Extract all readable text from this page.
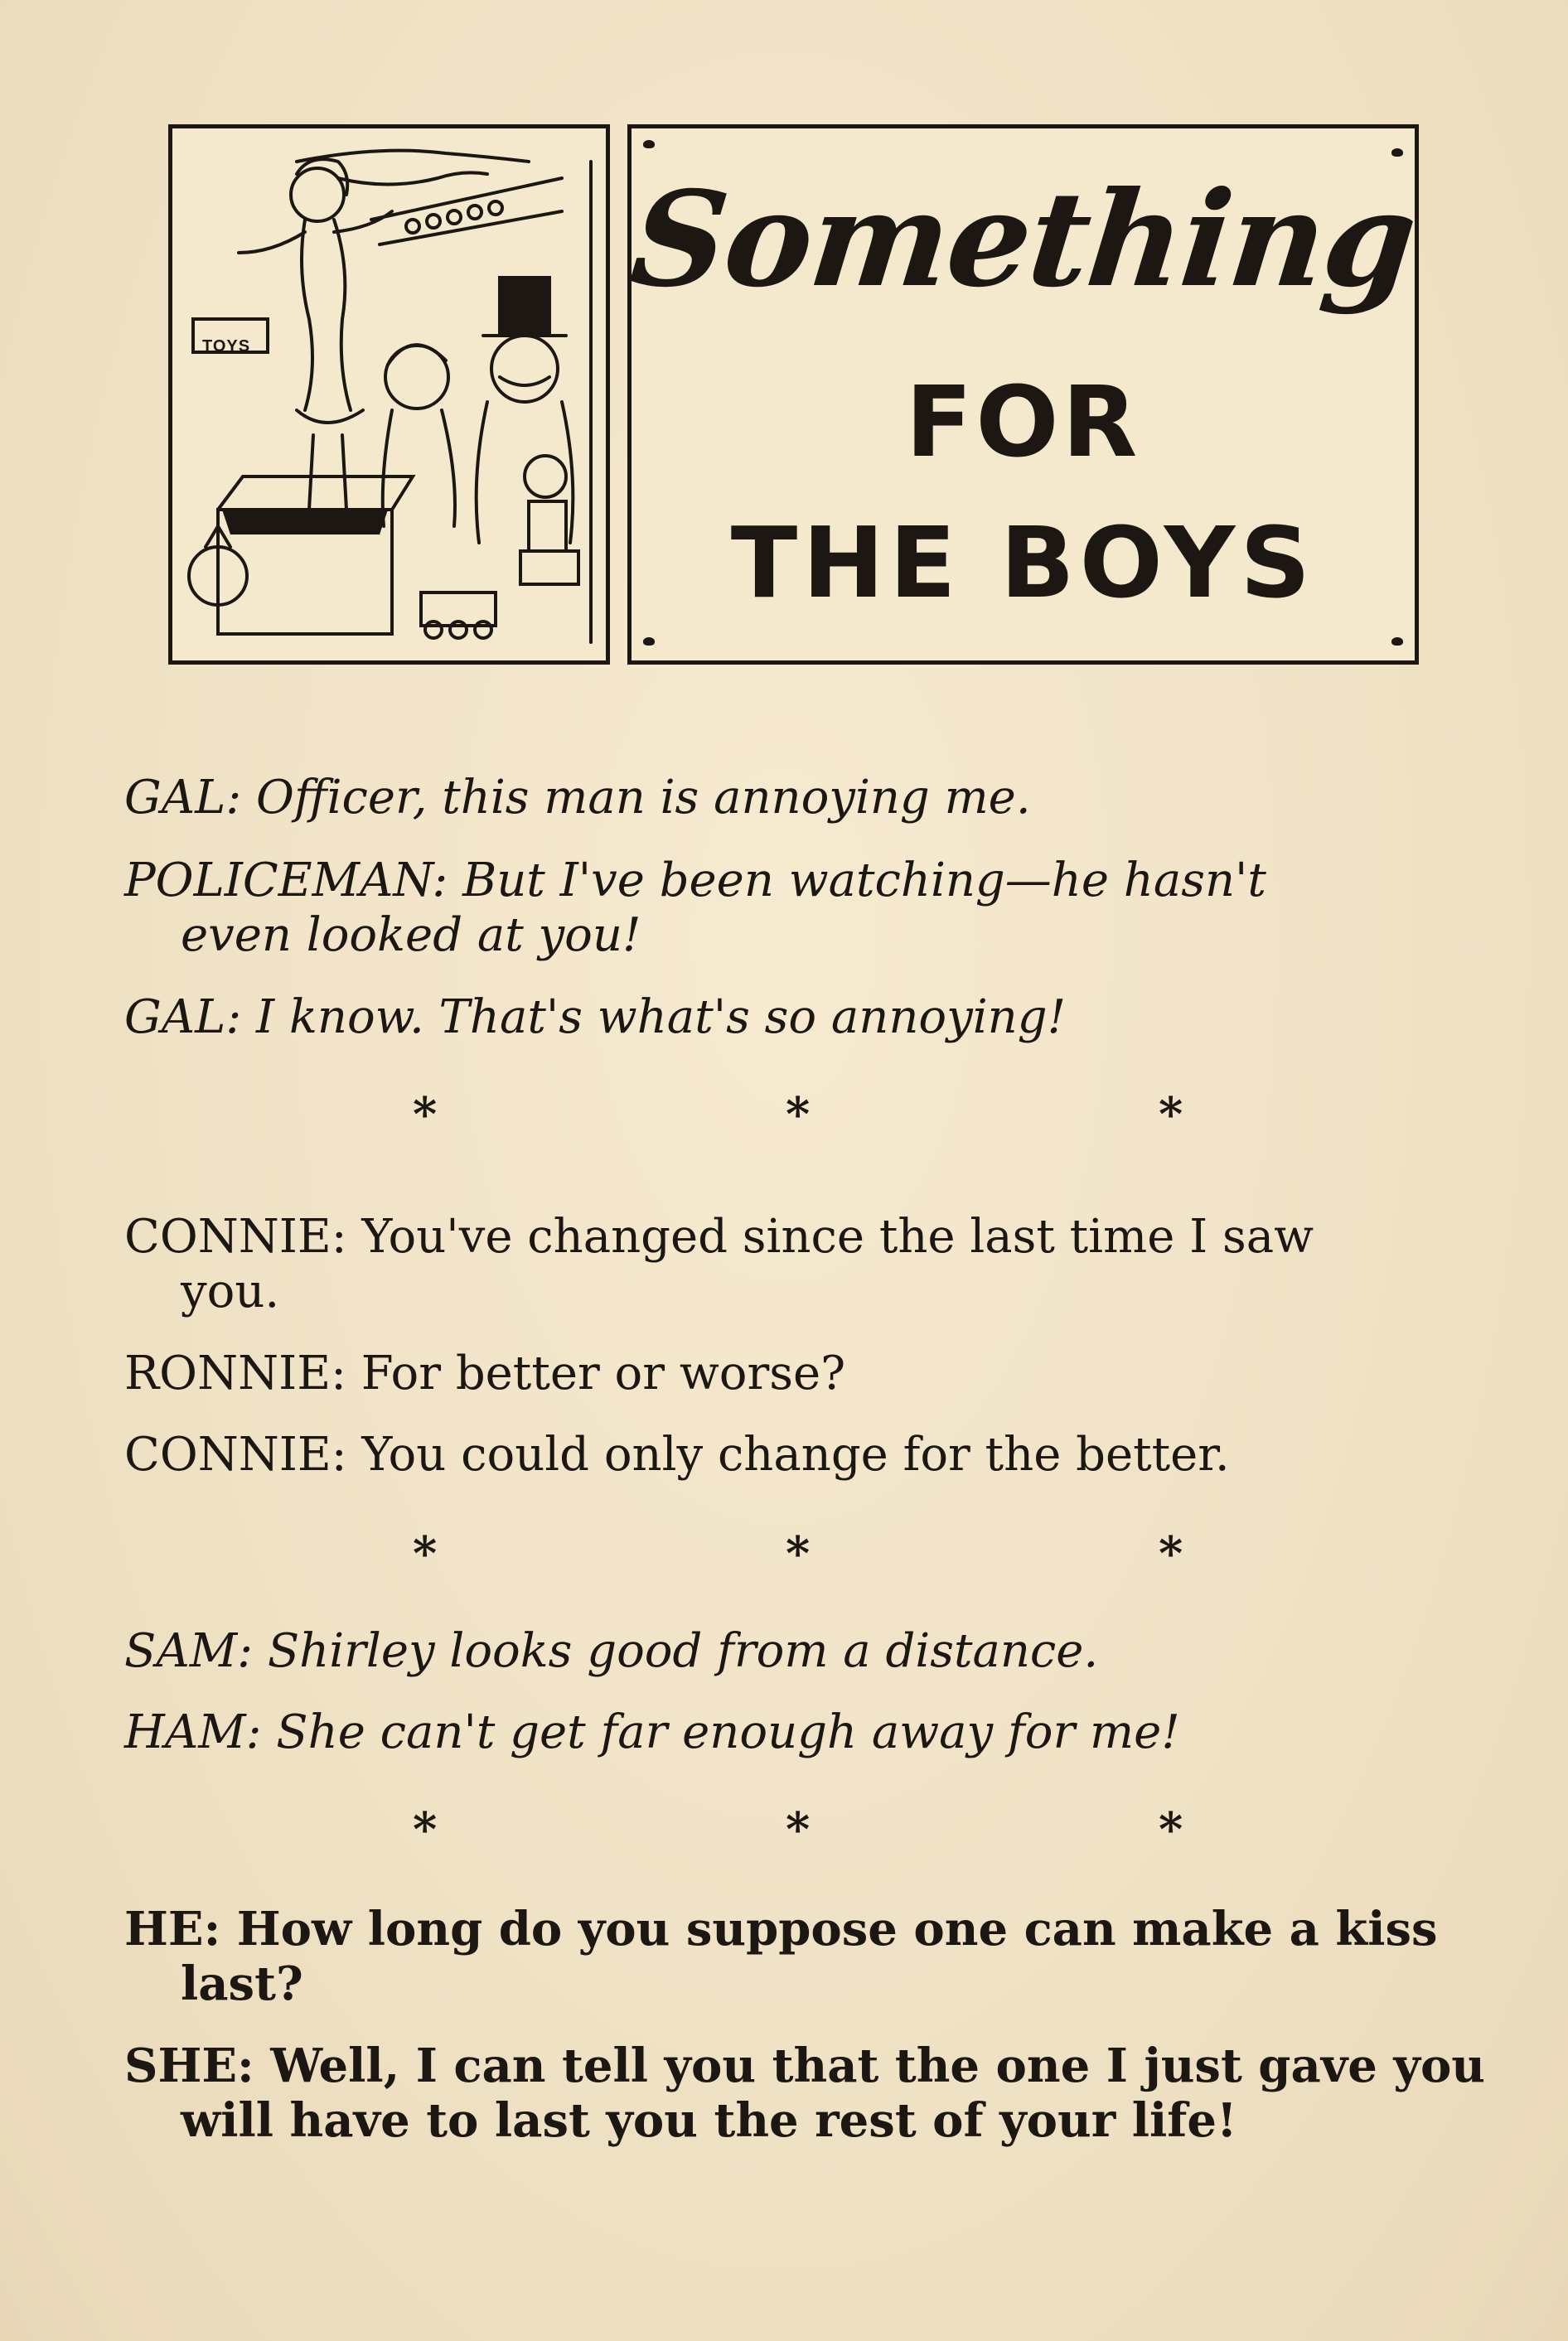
TOYS
Something
FOR
THE BOYS
GAL: Officer, this man is annoying me.
POLICEMAN: But I've been watching—he hasn't
even looked at you!
GAL: I know. That's what's so annoying!
*	*	*
CONNIE: You've changed since the last time I saw
you.
RONNIE: For better or worse?
CONNIE: You could only change for the better.
*	*	*
SAM: Shirley looks good from a distance.
HAM: She can't get far enough away for me!
*	*	*
HE: How long do you suppose one can make a kiss
last?
SHE: Well, I can tell you that the one I just gave you
will have to last you the rest of your life!
